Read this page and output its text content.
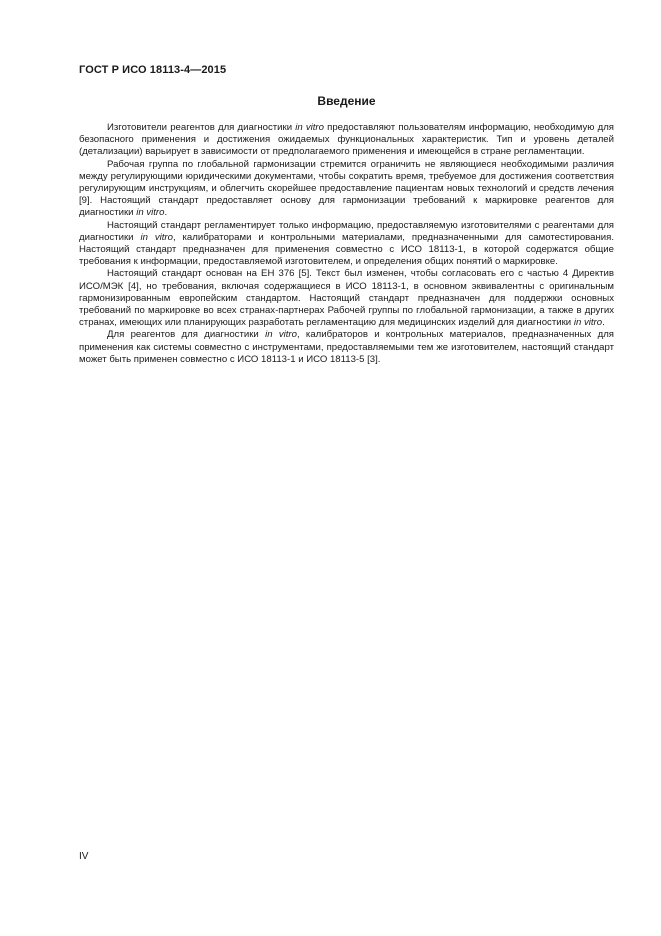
ГОСТ Р ИСО 18113-4—2015
Введение

Изготовители реагентов для диагностики in vitro предоставляют пользователям информацию, необходимую для безопасного применения и достижения ожидаемых функциональных характеристик. Тип и уровень деталей (детализации) варьирует в зависимости от предполагаемого применения и имеющейся в стране регламентации.

Рабочая группа по глобальной гармонизации стремится ограничить не являющиеся необходимыми различия между регулирующими юридическими документами, чтобы сократить время, требуемое для достижения соответствия регулирующим инструкциям, и облегчить скорейшее предоставление пациентам новых технологий и средств лечения [9]. Настоящий стандарт предоставляет основу для гармонизации требований к маркировке реагентов для диагностики in vitro.

Настоящий стандарт регламентирует только информацию, предоставляемую изготовителями с реагентами для диагностики in vitro, калибраторами и контрольными материалами, предназначенными для самотестирования. Настоящий стандарт предназначен для применения совместно с ИСО 18113-1, в которой содержатся общие требования к информации, предоставляемой изготовителем, и определения общих понятий о маркировке.

Настоящий стандарт основан на ЕН 376 [5]. Текст был изменен, чтобы согласовать его с частью 4 Директив ИСО/МЭК [4], но требования, включая содержащиеся в ИСО 18113-1, в основном эквивалентны с оригинальным гармонизированным европейским стандартом. Настоящий стандарт предназначен для поддержки основных требований по маркировке во всех странах-партнерах Рабочей группы по глобальной гармонизации, а также в других странах, имеющих или планирующих разработать регламентацию для медицинских изделий для диагностики in vitro.

Для реагентов для диагностики in vitro, калибраторов и контрольных материалов, предназначенных для применения как системы совместно с инструментами, предоставляемыми тем же изготовителем, настоящий стандарт может быть применен совместно с ИСО 18113-1 и ИСО 18113-5 [3].

IV
